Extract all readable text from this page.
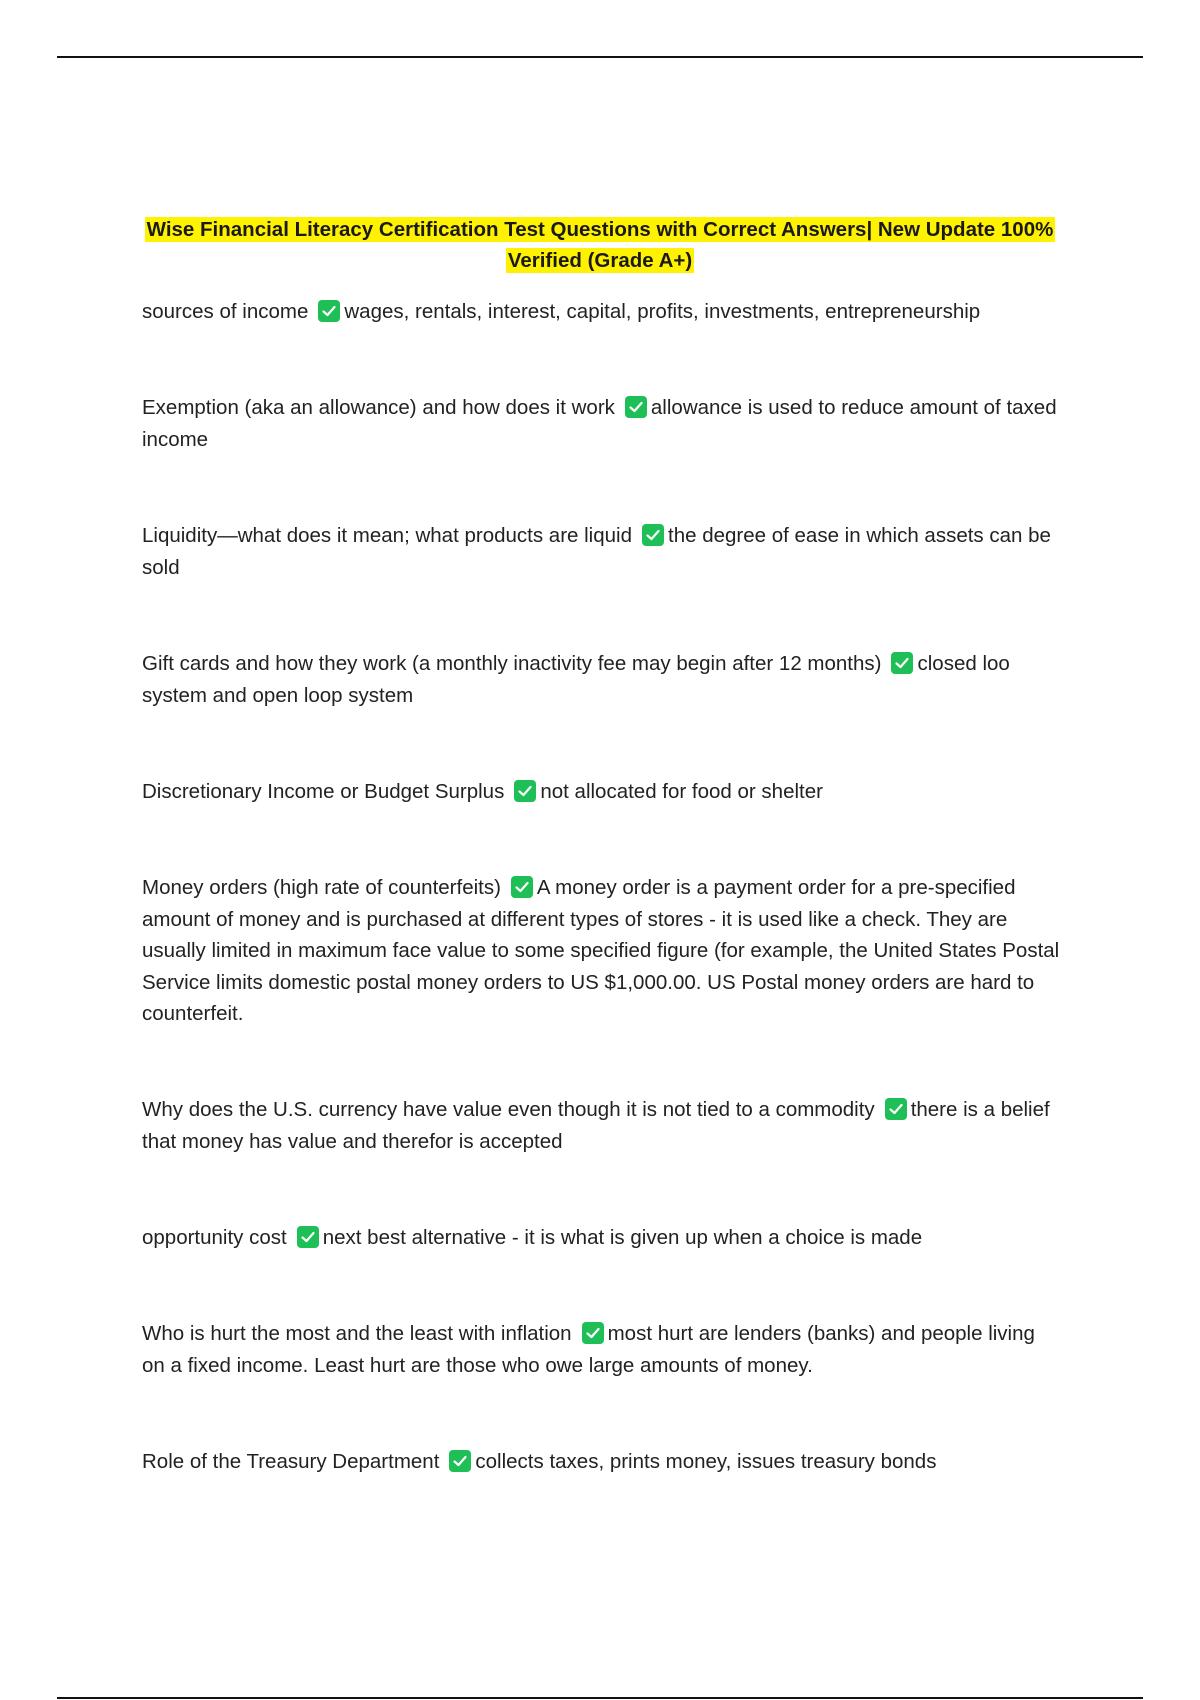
Wise Financial Literacy Certification Test Questions with Correct Answers| New Update 100%
Verified (Grade A+)
sources of income wages, rentals, interest, capital, profits, investments, entrepreneurship
Exemption (aka an allowance) and how does it work allowance is used to reduce amount of taxed income
Liquidity—what does it mean; what products are liquid the degree of ease in which assets can be sold
Gift cards and how they work (a monthly inactivity fee may begin after 12 months) closed loo system and open loop system
Discretionary Income or Budget Surplus not allocated for food or shelter
Money orders (high rate of counterfeits) A money order is a payment order for a pre-specified amount of money and is purchased at different types of stores - it is used like a check. They are usually limited in maximum face value to some specified figure (for example, the United States Postal Service limits domestic postal money orders to US $1,000.00. US Postal money orders are hard to counterfeit.
Why does the U.S. currency have value even though it is not tied to a commodity there is a belief that money has value and therefor is accepted
opportunity cost next best alternative - it is what is given up when a choice is made
Who is hurt the most and the least with inflation most hurt are lenders (banks) and people living on a fixed income. Least hurt are those who owe large amounts of money.
Role of the Treasury Department collects taxes, prints money, issues treasury bonds
